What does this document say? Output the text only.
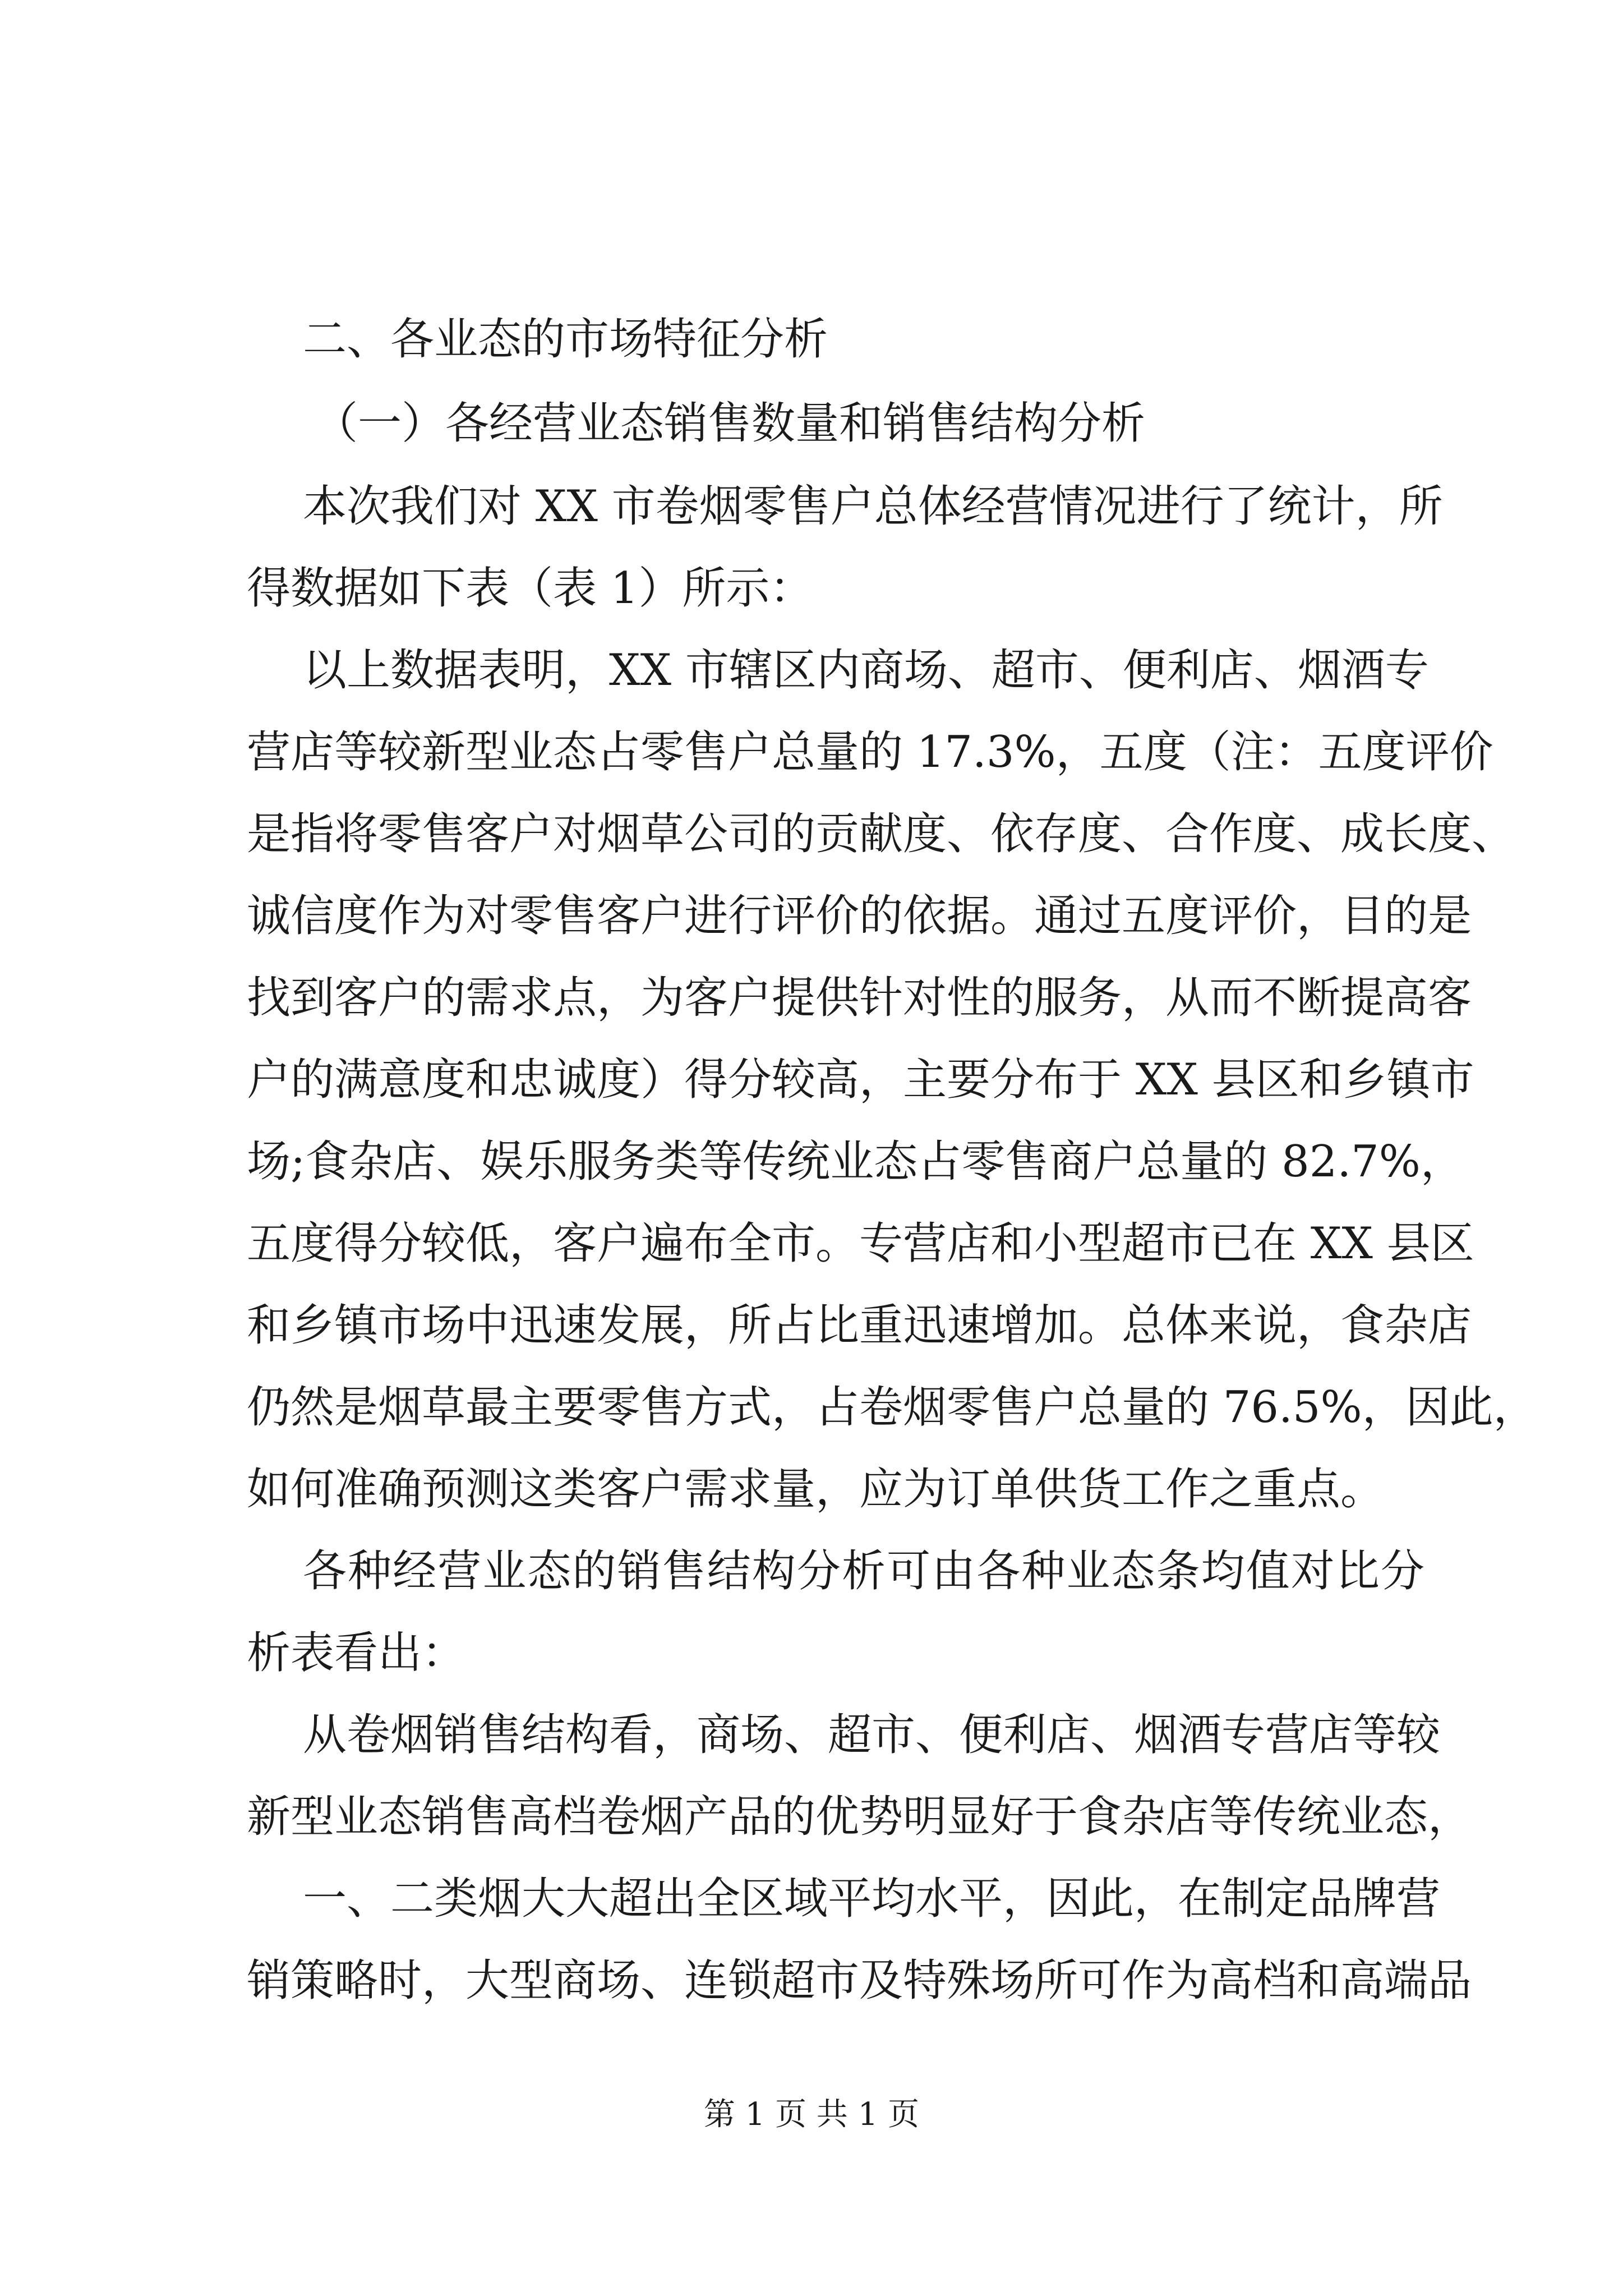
二、各业态的市场特征分析
（一）各经营业态销售数量和销售结构分析
本次我们对 XX 市卷烟零售户总体经营情况进行了统计，所
得数据如下表（表 1）所示：
以上数据表明，XX 市辖区内商场、超市、便利店、烟酒专
营店等较新型业态占零售户总量的 17.3%，五度（注：五度评价
是指将零售客户对烟草公司的贡献度、依存度、合作度、成长度、
诚信度作为对零售客户进行评价的依据。通过五度评价，目的是
找到客户的需求点，为客户提供针对性的服务，从而不断提高客
户的满意度和忠诚度）得分较高，主要分布于 XX 县区和乡镇市
场;食杂店、娱乐服务类等传统业态占零售商户总量的 82.7%，
五度得分较低，客户遍布全市。专营店和小型超市已在 XX 县区
和乡镇市场中迅速发展，所占比重迅速增加。总体来说，食杂店
仍然是烟草最主要零售方式，占卷烟零售户总量的 76.5%，因此，
如何准确预测这类客户需求量，应为订单供货工作之重点。
各种经营业态的销售结构分析可由各种业态条均值对比分
析表看出：
从卷烟销售结构看，商场、超市、便利店、烟酒专营店等较
新型业态销售高档卷烟产品的优势明显好于食杂店等传统业态，
一、二类烟大大超出全区域平均水平，因此，在制定品牌营
销策略时，大型商场、连锁超市及特殊场所可作为高档和高端品
第 1 页 共 1 页
